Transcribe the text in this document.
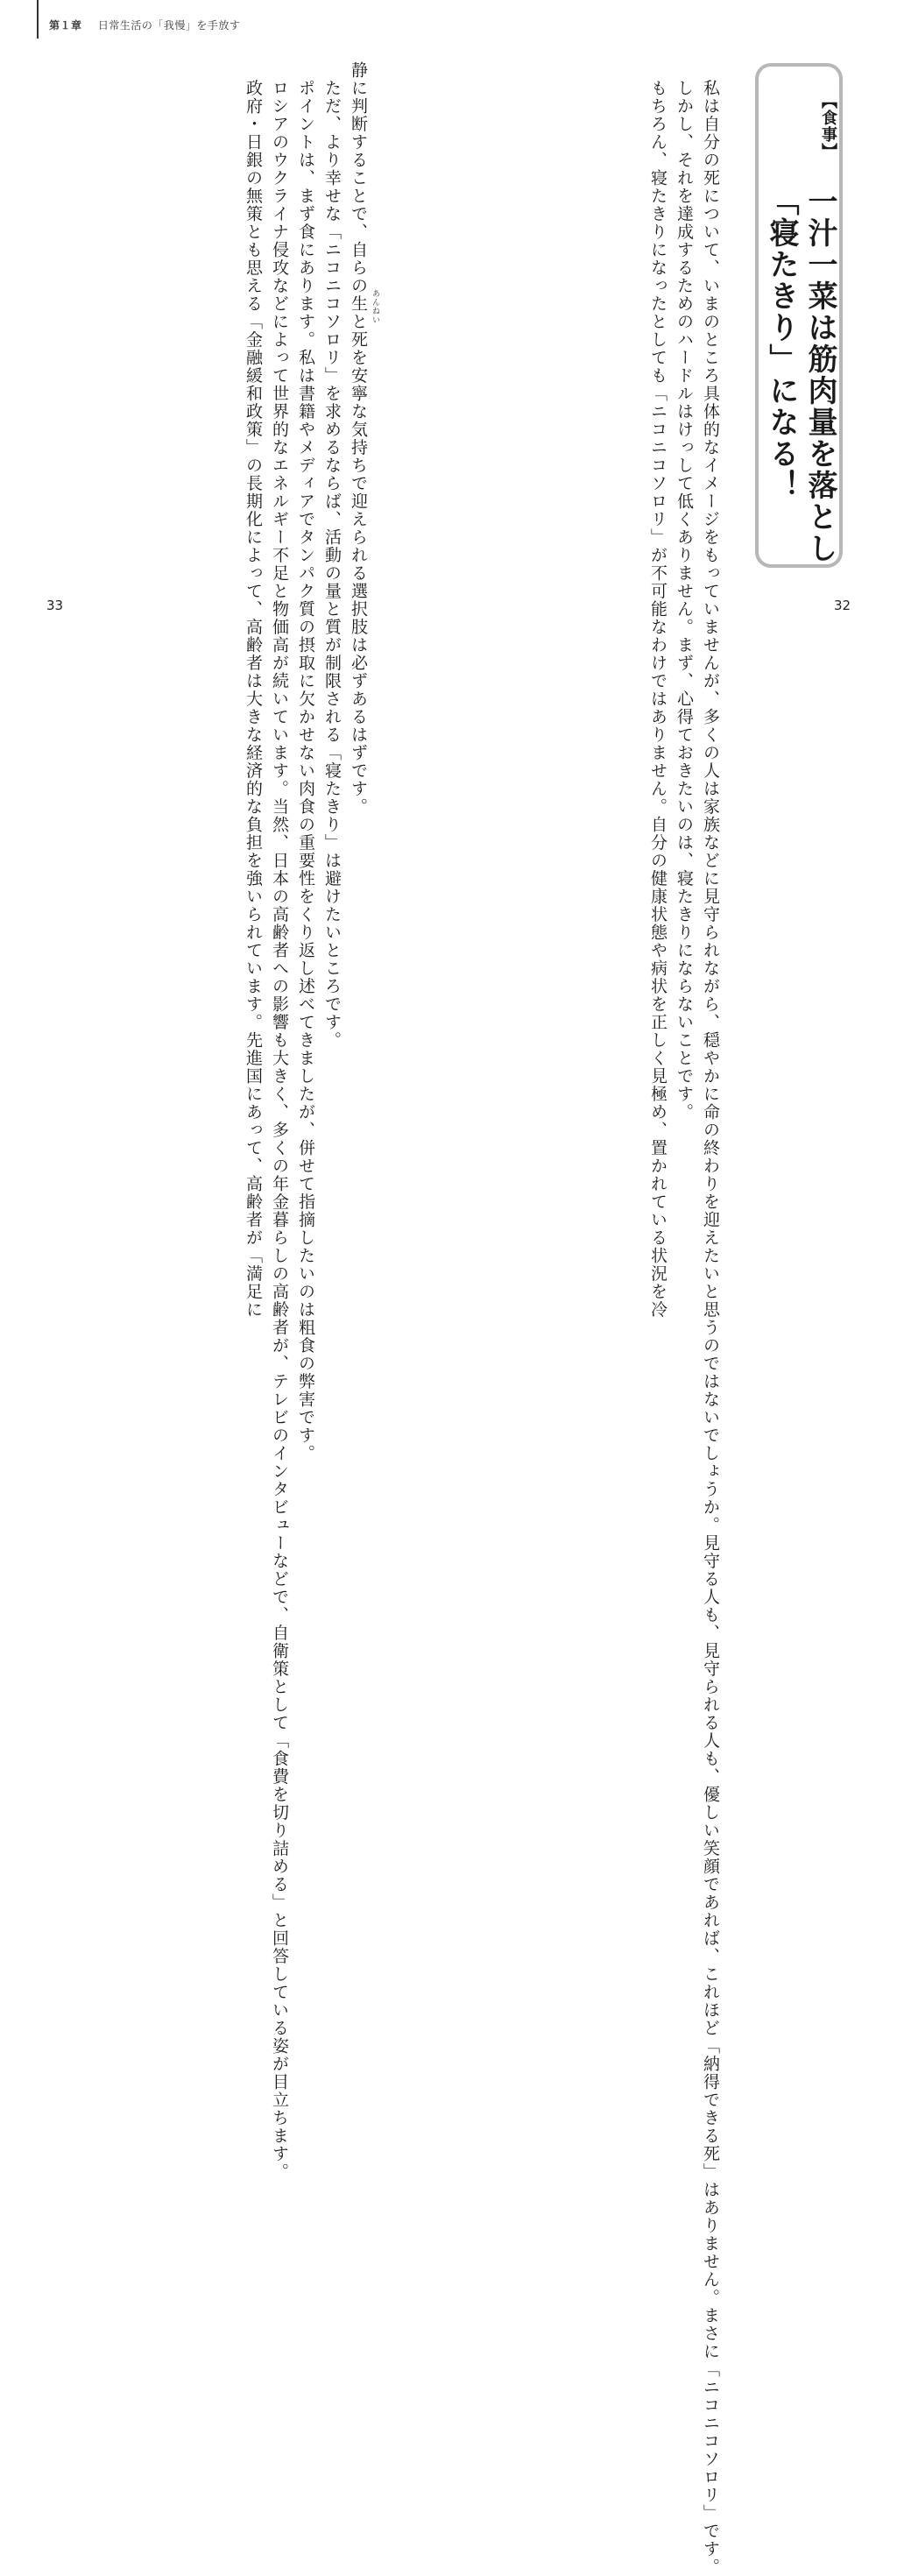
第１章 日常生活の「我慢」を手放す
【食事】
一汁一菜は筋肉量を落とし
「寝たきり」になる！

　私は自分の死について、いまのところ具体的なイメージをもっていませんが、多くの人は家族などに見守られながら、穏やかに命の終わりを迎えたいと思うのではないでしょうか。見守る人も、見守られる人も、優しい笑顔であれば、これほど「納得できる死」はありません。まさに「ニコニコソロリ」です。

　しかし、それを達成するためのハードルはけっして低くありません。まず、心得ておきたいのは、寝たきりにならないことです。

　もちろん、寝たきりになったとしても「ニコニコソロリ」が不可能なわけではありません。自分の健康状態や病状を正しく見極め、置かれている状況を冷

静に判断することで、自らの生と死を安寧な気持ちで迎えられる選択肢は必ずあるはずです。

　ただ、より幸せな「ニコニコソロリ」を求めるならば、活動の量と質が制限される「寝たきり」は避けたいところです。

　ポイントは、まず食にあります。私は書籍やメディアでタンパク質の摂取に欠かせない肉食の重要性をくり返し述べてきましたが、併せて指摘したいのは粗食の弊害です。

　ロシアのウクライナ侵攻などによって世界的なエネルギー不足と物価高が続いています。当然、日本の高齢者への影響も大きく、多くの年金暮らしの高齢者が、テレビのインタビューなどで、自衛策として「食費を切り詰める」と回答している姿が目立ちます。

　政府・日銀の無策とも思える「金融緩和政策」の長期化によって、高齢者は大きな経済的な負担を強いられています。先進国にあって、高齢者が「満足に	あんねい
33	32
